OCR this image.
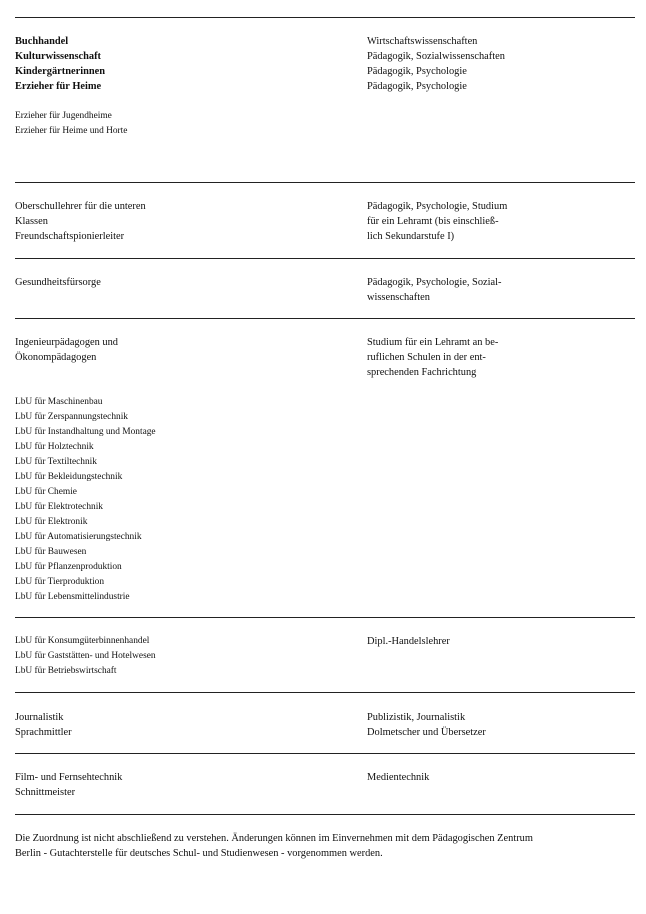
Buchhandel
Kulturwissenschaft
Kindergärtnerinnen
Erzieher für Heime
Wirtschaftswissenschaften
Pädagogik, Sozialwissenschaften
Pädagogik, Psychologie
Pädagogik, Psychologie
Erzieher für Jugendheime
Erzieher für Heime und Horte
Oberschullehrer für die unteren
Klassen
Freundschaftspionierleiter
Pädagogik, Psychologie, Studium
für ein Lehramt (bis einschließ-
lich Sekundarstufe I)
Gesundheitsfürsorge	Pädagogik, Psychologie, Sozial-
wissenschaften
Ingenieurpädagogen und
Ökonompädagogen
Studium für ein Lehramt an be-
ruflichen Schulen in der ent-
sprechenden Fachrichtung
LbU für Maschinenbau
LbU für Zerspannungstechnik
LbU für Instandhaltung und Montage
LbU für Holztechnik
LbU für Textiltechnik
LbU für Bekleidungstechnik
LbU für Chemie
LbU für Elektrotechnik
LbU für Elektronik
LbU für Automatisierungstechnik
LbU für Bauwesen
LbU für Pflanzenproduktion
LbU für Tierproduktion
LbU für Lebensmittelindustrie
LbU für Konsumgüterbinnenhandel
LbU für Gaststätten- und Hotelwesen
LbU für Betriebswirtschaft
Dipl.-Handelslehrer
Journalistik
Sprachmittler
Publizistik, Journalistik
Dolmetscher und Übersetzer
Film- und Fernsehtechnik
Schnittmeister
Medientechnik
Die Zuordnung ist nicht abschließend zu verstehen. Änderungen können im Einvernehmen mit dem Pädagogischen Zentrum
Berlin - Gutachterstelle für deutsches Schul- und Studienwesen - vorgenommen werden.
